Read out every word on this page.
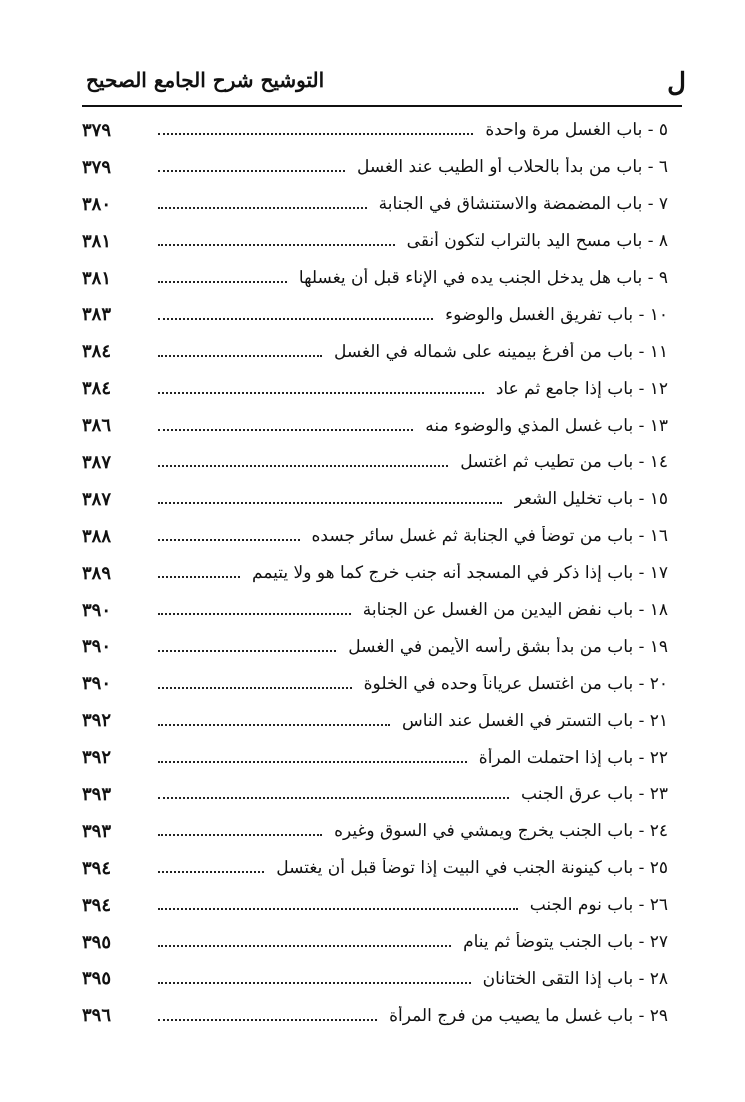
ل
التوشيح شرح الجامع الصحيح
٥ - باب الغسل مرة واحدة
٣٧٩
٦ - باب من بدأ بالحلاب أو الطيب عند الغسل
٣٧٩
٧ - باب المضمضة والاستنشاق في الجنابة
٣٨٠
٨ - باب مسح اليد بالتراب لتكون أنقى
٣٨١
٩ - باب هل يدخل الجنب يده في الإناء قبل أن يغسلها
٣٨١
١٠ - باب تفريق الغسل والوضوء
٣٨٣
١١ - باب من أفرغ بيمينه على شماله في الغسل
٣٨٤
١٢ - باب إذا جامع ثم عاد
٣٨٤
١٣ - باب غسل المذي والوضوء منه
٣٨٦
١٤ - باب من تطيب ثم اغتسل
٣٨٧
١٥ - باب تخليل الشعر
٣٨٧
١٦ - باب من توضأ في الجنابة ثم غسل سائر جسده
٣٨٨
١٧ - باب إذا ذكر في المسجد أنه جنب خرج كما هو ولا يتيمم
٣٨٩
١٨ - باب نفض اليدين من الغسل عن الجنابة
٣٩٠
١٩ - باب من بدأ بشق رأسه الأيمن في الغسل
٣٩٠
٢٠ - باب من اغتسل عرياناً وحده في الخلوة
٣٩٠
٢١ - باب التستر في الغسل عند الناس
٣٩٢
٢٢ - باب إذا احتملت المرأة
٣٩٢
٢٣ - باب عرق الجنب
٣٩٣
٢٤ - باب الجنب يخرج ويمشي في السوق وغيره
٣٩٣
٢٥ - باب كينونة الجنب في البيت إذا توضأ قبل أن يغتسل
٣٩٤
٢٦ - باب نوم الجنب
٣٩٤
٢٧ - باب الجنب يتوضأ ثم ينام
٣٩٥
٢٨ - باب إذا التقى الختانان
٣٩٥
٢٩ - باب غسل ما يصيب من فرج المرأة
٣٩٦
